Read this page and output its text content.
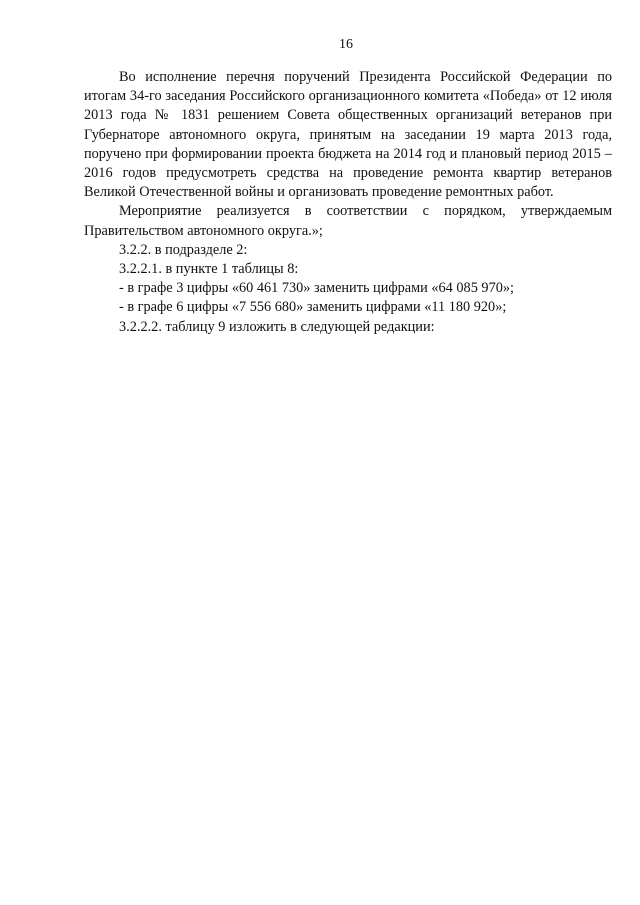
16

Во исполнение перечня поручений Президента Российской Федерации по итогам 34-го заседания Российского организационного комитета «Победа» от 12 июля 2013 года № 1831 решением Совета общественных организаций ветеранов при Губернаторе автономного округа, принятым на заседании 19 марта 2013 года, поручено при формировании проекта бюджета на 2014 год и плановый период 2015 – 2016 годов предусмотреть средства на проведение ремонта квартир ветеранов Великой Отечественной войны и организовать проведение ремонтных работ.

Мероприятие реализуется в соответствии с порядком, утверждаемым Правительством автономного округа.»;

3.2.2. в подразделе 2:

3.2.2.1. в пункте 1 таблицы 8:

- в графе 3 цифры «60 461 730» заменить цифрами «64 085 970»;

- в графе 6 цифры «7 556 680» заменить цифрами «11 180 920»;

3.2.2.2. таблицу 9 изложить в следующей редакции:
